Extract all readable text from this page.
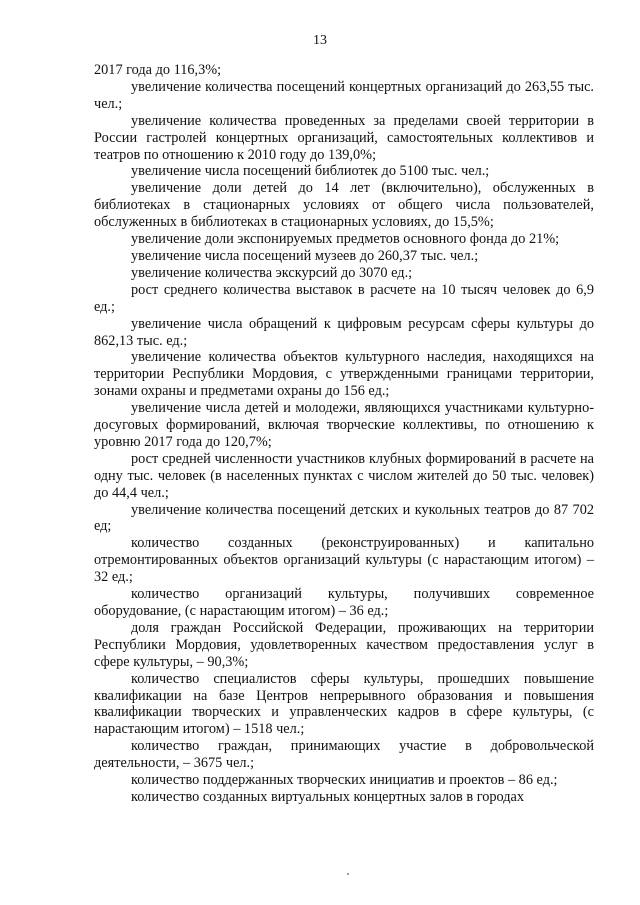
13

2017 года до 116,3%;

увеличение количества посещений концертных организаций до 263,55 тыс. чел.;

увеличение количества проведенных за пределами своей территории в России гастролей концертных организаций, самостоятельных коллективов и театров по отношению к 2010 году до 139,0%;

увеличение числа посещений библиотек до 5100 тыс. чел.;

увеличение доли детей до 14 лет (включительно), обслуженных в библиотеках в стационарных условиях от общего числа пользователей, обслуженных в библиотеках в стационарных условиях, до 15,5%;

увеличение доли экспонируемых предметов основного фонда до 21%;

увеличение числа посещений музеев до 260,37 тыс. чел.;

увеличение количества экскурсий до 3070 ед.;

рост среднего количества выставок в расчете на 10 тысяч человек до 6,9 ед.;

увеличение числа обращений к цифровым ресурсам сферы культуры до 862,13 тыс. ед.;

увеличение количества объектов культурного наследия, находящихся на территории Республики Мордовия, с утвержденными границами территории, зонами охраны и предметами охраны до 156 ед.;

увеличение числа детей и молодежи, являющихся участниками культурно-досуговых формирований, включая творческие коллективы, по отношению к уровню 2017 года до 120,7%;

рост средней численности участников клубных формирований в расчете на одну тыс. человек (в населенных пунктах с числом жителей до 50 тыс. человек) до 44,4 чел.;

увеличение количества посещений детских и кукольных театров до 87 702 ед;

количество созданных (реконструированных) и капитально отремонтированных объектов организаций культуры (с нарастающим итогом) – 32 ед.;

количество организаций культуры, получивших современное оборудование, (с нарастающим итогом) – 36 ед.;

доля граждан Российской Федерации, проживающих на территории Республики Мордовия, удовлетворенных качеством предоставления услуг в сфере культуры, – 90,3%;

количество специалистов сферы культуры, прошедших повышение квалификации на базе Центров непрерывного образования и повышения квалификации творческих и управленческих кадров в сфере культуры, (с нарастающим итогом) – 1518 чел.;

количество граждан, принимающих участие в добровольческой деятельности, – 3675 чел.;

количество поддержанных творческих инициатив и проектов – 86 ед.;

количество созданных виртуальных концертных залов в городах
